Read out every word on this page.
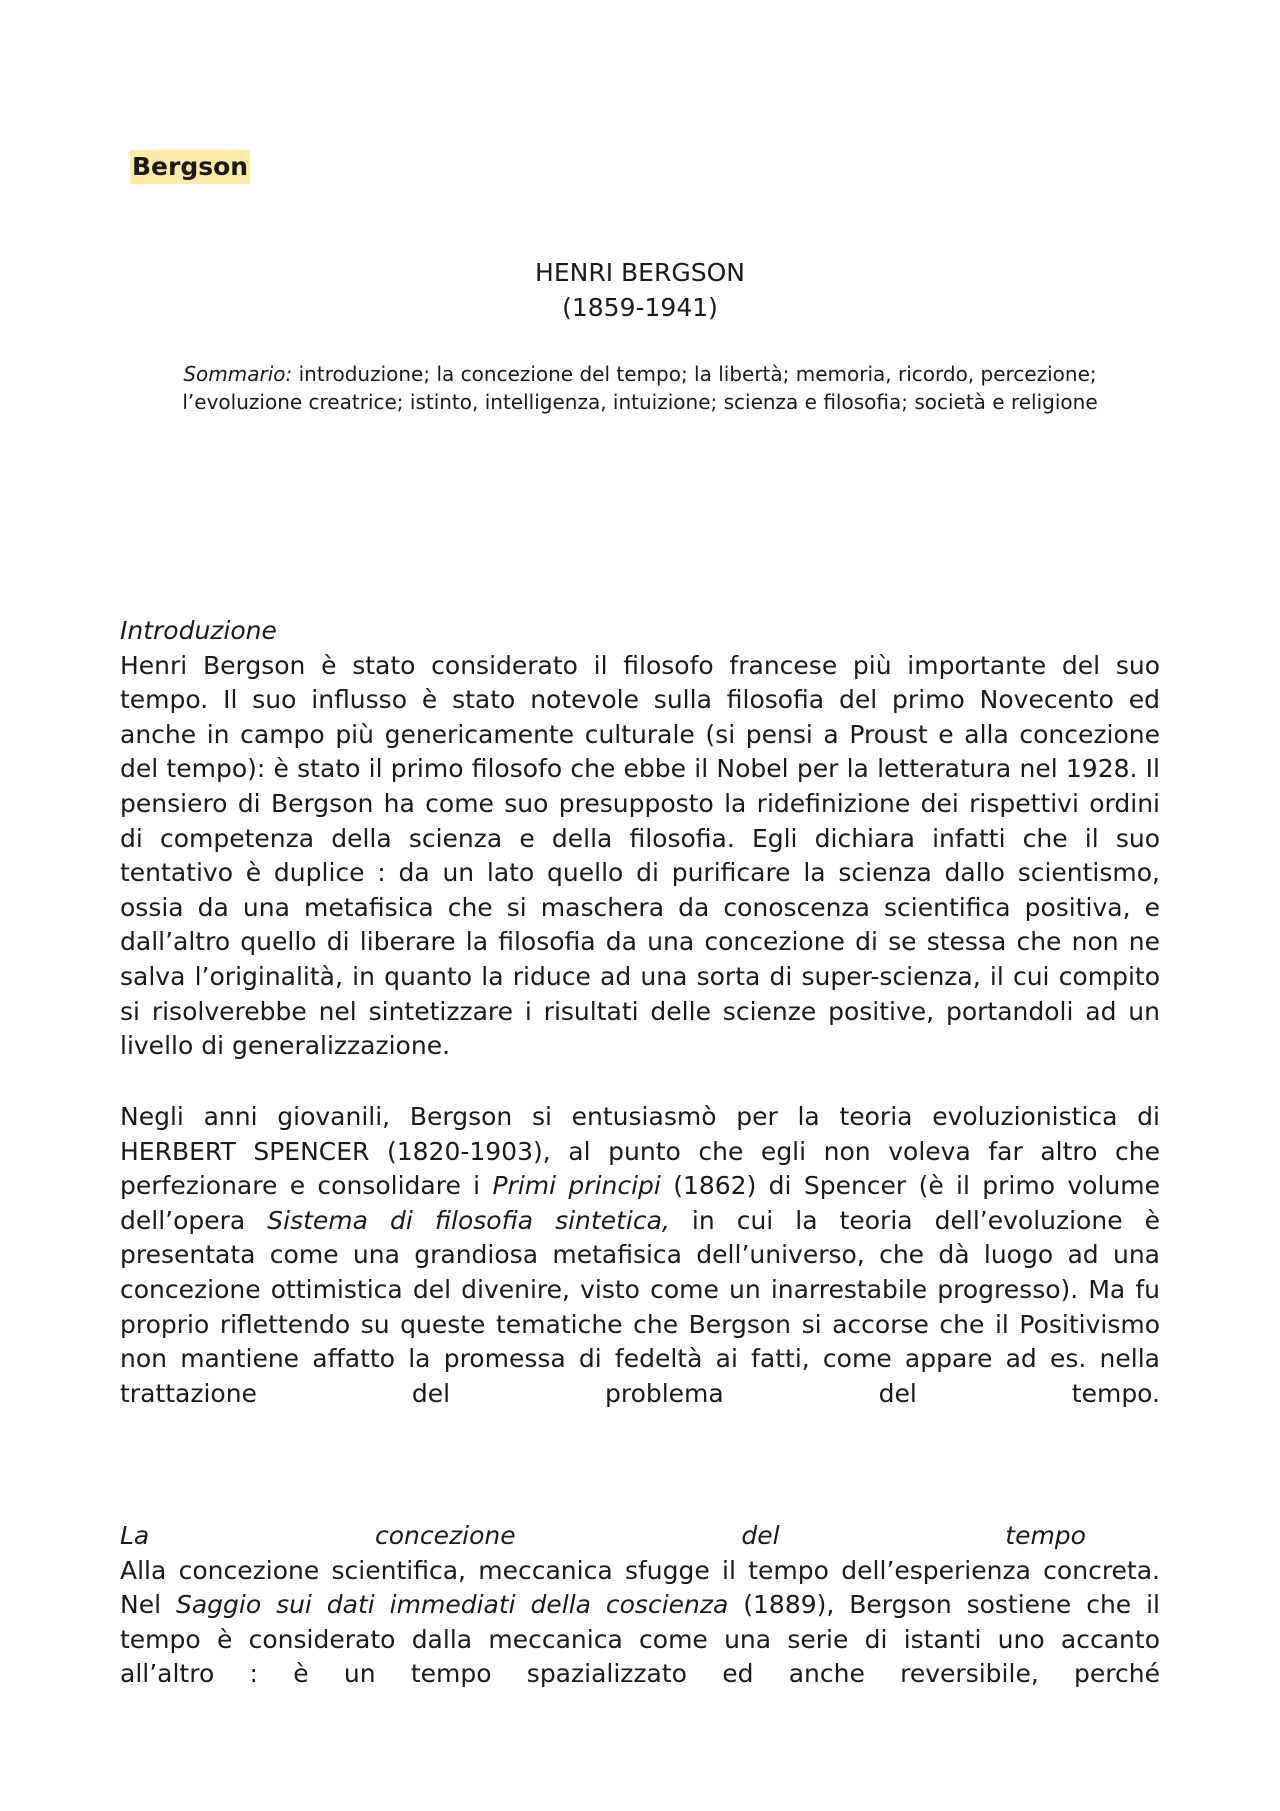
Bergson
HENRI BERGSON
(1859-1941)
Sommario: introduzione; la concezione del tempo; la libertà; memoria, ricordo, percezione;
l’evoluzione creatrice; istinto, intelligenza, intuizione; scienza e filosofia; società e religione
Introduzione

Henri Bergson è stato considerato il filosofo francese più importante del suo tempo. Il suo influsso è stato notevole sulla filosofia del primo Novecento ed anche in campo più genericamente culturale (si pensi a Proust e alla concezione del tempo): è stato il primo filosofo che ebbe il Nobel per la letteratura nel 1928. Il pensiero di Bergson ha come suo presupposto la ridefinizione dei rispettivi ordini di competenza della scienza e della filosofia. Egli dichiara infatti che il suo tentativo è duplice : da un lato quello di purificare la scienza dallo scientismo, ossia da una metafisica che si maschera da conoscenza scientifica positiva, e dall’altro quello di liberare la filosofia da una concezione di se stessa che non ne salva l’originalità, in quanto la riduce ad una sorta di super-scienza, il cui compito si risolverebbe nel sintetizzare i risultati delle scienze positive, portandoli ad un livello di generalizzazione.

Negli anni giovanili, Bergson si entusiasmò per la teoria evoluzionistica di HERBERT SPENCER (1820-1903), al punto che egli non voleva far altro che perfezionare e consolidare i Primi principi (1862) di Spencer (è il primo volume dell’opera Sistema di filosofia sintetica, in cui la teoria dell’evoluzione è presentata come una grandiosa metafisica dell’universo, che dà luogo ad una concezione ottimistica del divenire, visto come un inarrestabile progresso). Ma fu proprio riflettendo su queste tematiche che Bergson si accorse che il Positivismo non mantiene affatto la promessa di fedeltà ai fatti, come appare ad es. nella trattazione del problema del tempo.

La	concezione	del	tempo

Alla concezione scientifica, meccanica sfugge il tempo dell’esperienza concreta. Nel Saggio sui dati immediati della coscienza (1889), Bergson sostiene che il tempo è considerato dalla meccanica come una serie di istanti uno accanto all’altro : è un tempo spazializzato ed anche reversibile, perché
